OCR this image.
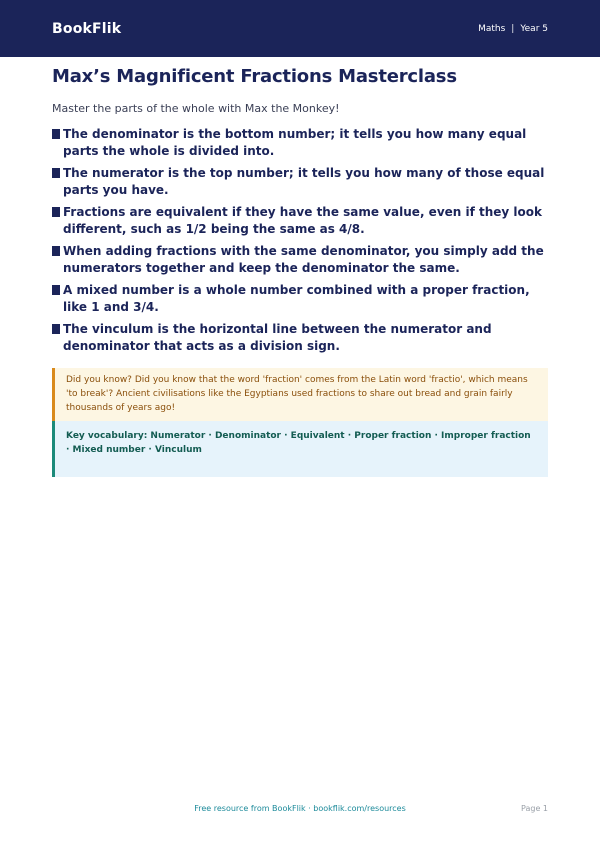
BookFlik	Maths | Year 5
Max’s Magnificent Fractions Masterclass

Master the parts of the whole with Max the Monkey!

The denominator is the bottom number; it tells you how many equal parts the whole is divided into.
The numerator is the top number; it tells you how many of those equal parts you have.
Fractions are equivalent if they have the same value, even if they look different, such as 1/2 being the same as 4/8.
When adding fractions with the same denominator, you simply add the numerators together and keep the denominator the same.
A mixed number is a whole number combined with a proper fraction, like 1 and 3/4.
The vinculum is the horizontal line between the numerator and denominator that acts as a division sign.
Did you know? Did you know that the word 'fraction' comes from the Latin word 'fractio', which means 'to break'? Ancient civilisations like the Egyptians used fractions to share out bread and grain fairly thousands of years ago!
Key vocabulary: Numerator · Denominator · Equivalent · Proper fraction · Improper fraction · Mixed number · Vinculum
Free resource from BookFlik · bookflik.com/resources	Page 1
